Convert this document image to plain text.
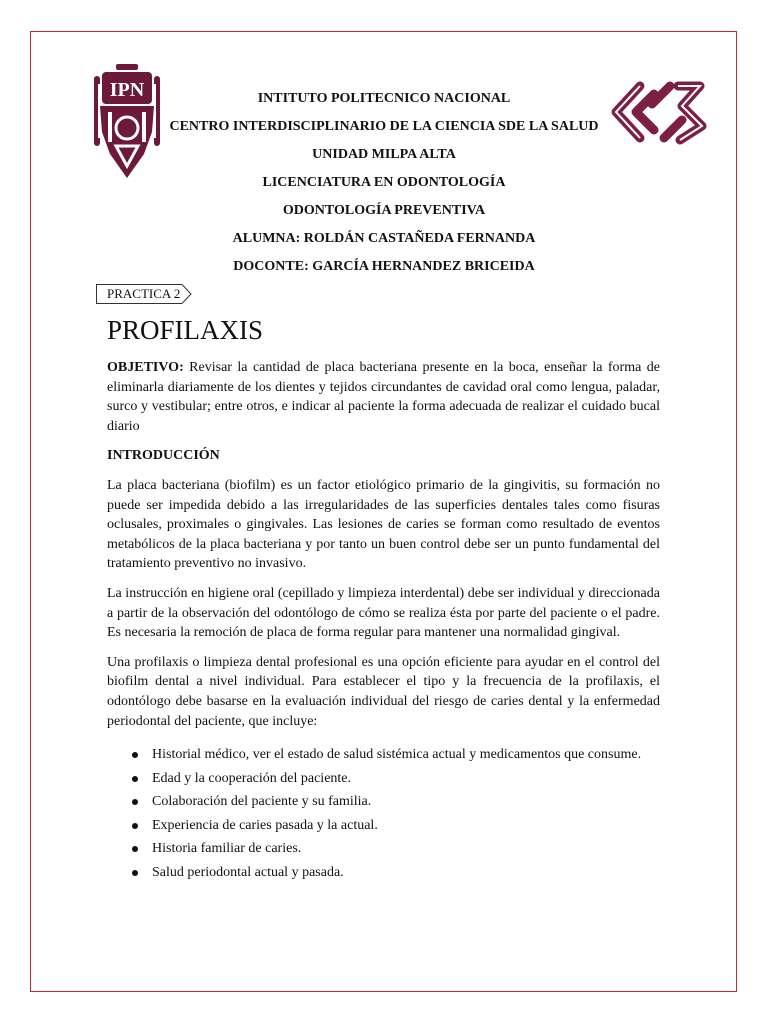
IPN	INTITUTO POLITECNICO NACIONAL
CENTRO INTERDISCIPLINARIO DE LA CIENCIA SDE LA SALUD
UNIDAD MILPA ALTA
LICENCIATURA EN ODONTOLOGÍA
ODONTOLOGÍA PREVENTIVA
ALUMNA: ROLDÁN CASTAÑEDA FERNANDA
DOCONTE: GARCÍA HERNANDEZ BRICEIDA
PRACTICA 2
PROFILAXIS

OBJETIVO: Revisar la cantidad de placa bacteriana presente en la boca, enseñar la forma de eliminarla diariamente de los dientes y tejidos circundantes de cavidad oral como lengua, paladar, surco y vestibular; entre otros, e indicar al paciente la forma adecuada de realizar el cuidado bucal diario

INTRODUCCIÓN

La placa bacteriana (biofilm) es un factor etiológico primario de la gingivitis, su formación no puede ser impedida debido a las irregularidades de las superficies dentales tales como fisuras oclusales, proximales o gingivales. Las lesiones de caries se forman como resultado de eventos metabólicos de la placa bacteriana y por tanto un buen control debe ser un punto fundamental del tratamiento preventivo no invasivo.

La instrucción en higiene oral (cepillado y limpieza interdental) debe ser individual y direccionada a partir de la observación del odontólogo de cómo se realiza ésta por parte del paciente o el padre. Es necesaria la remoción de placa de forma regular para mantener una normalidad gingival.

Una profilaxis o limpieza dental profesional es una opción eficiente para ayudar en el control del biofilm dental a nivel individual. Para establecer el tipo y la frecuencia de la profilaxis, el odontólogo debe basarse en la evaluación individual del riesgo de caries dental y la enfermedad periodontal del paciente, que incluye:

Historial médico, ver el estado de salud sistémica actual y medicamentos que consume.
Edad y la cooperación del paciente.
Colaboración del paciente y su familia.
Experiencia de caries pasada y la actual.
Historia familiar de caries.
Salud periodontal actual y pasada.
